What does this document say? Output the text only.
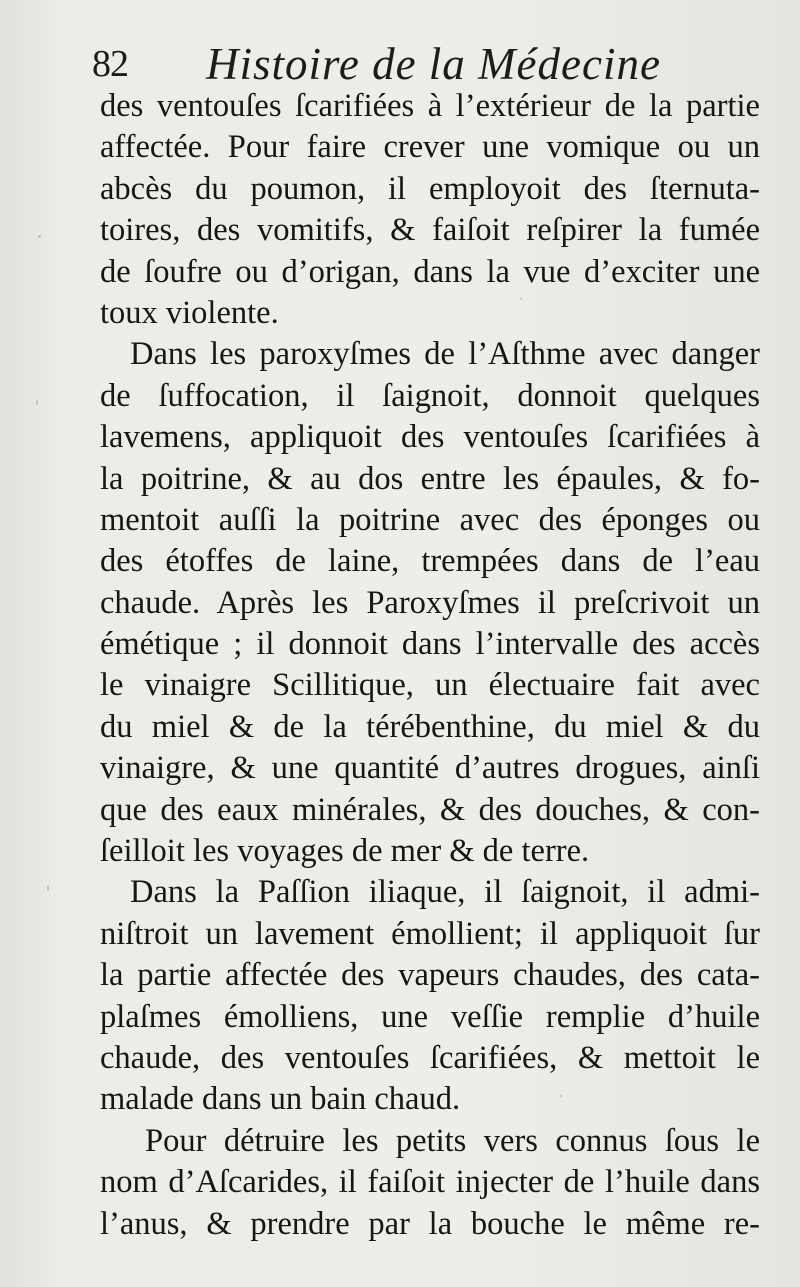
82 Histoire de la Médecine
des ventouſes ſcarifiées à l’extérieur de la partie
affectée. Pour faire crever une vomique ou un
abcès du poumon, il employoit des ſternuta-
toires, des vomitifs, & faiſoit reſpirer la fumée
de ſoufre ou d’origan, dans la vue d’exciter une
toux violente.
Dans les paroxyſmes de l’Aſthme avec danger
de ſuffocation, il ſaignoit, donnoit quelques
lavemens, appliquoit des ventouſes ſcarifiées à
la poitrine, & au dos entre les épaules, & fo-
mentoit auſſi la poitrine avec des éponges ou
des étoffes de laine, trempées dans de l’eau
chaude. Après les Paroxyſmes il preſcrivoit un
émétique ; il donnoit dans l’intervalle des accès
le vinaigre Scillitique, un électuaire fait avec
du miel & de la térébenthine, du miel & du
vinaigre, & une quantité d’autres drogues, ainſi
que des eaux minérales, & des douches, & con-
ſeilloit les voyages de mer & de terre.
Dans la Paſſion iliaque, il ſaignoit, il admi-
niſtroit un lavement émollient; il appliquoit ſur
la partie affectée des vapeurs chaudes, des cata-
plaſmes émolliens, une veſſie remplie d’huile
chaude, des ventouſes ſcarifiées, & mettoit le
malade dans un bain chaud.
Pour détruire les petits vers connus ſous le
nom d’Aſcarides, il faiſoit injecter de l’huile dans
l’anus, & prendre par la bouche le même re-
